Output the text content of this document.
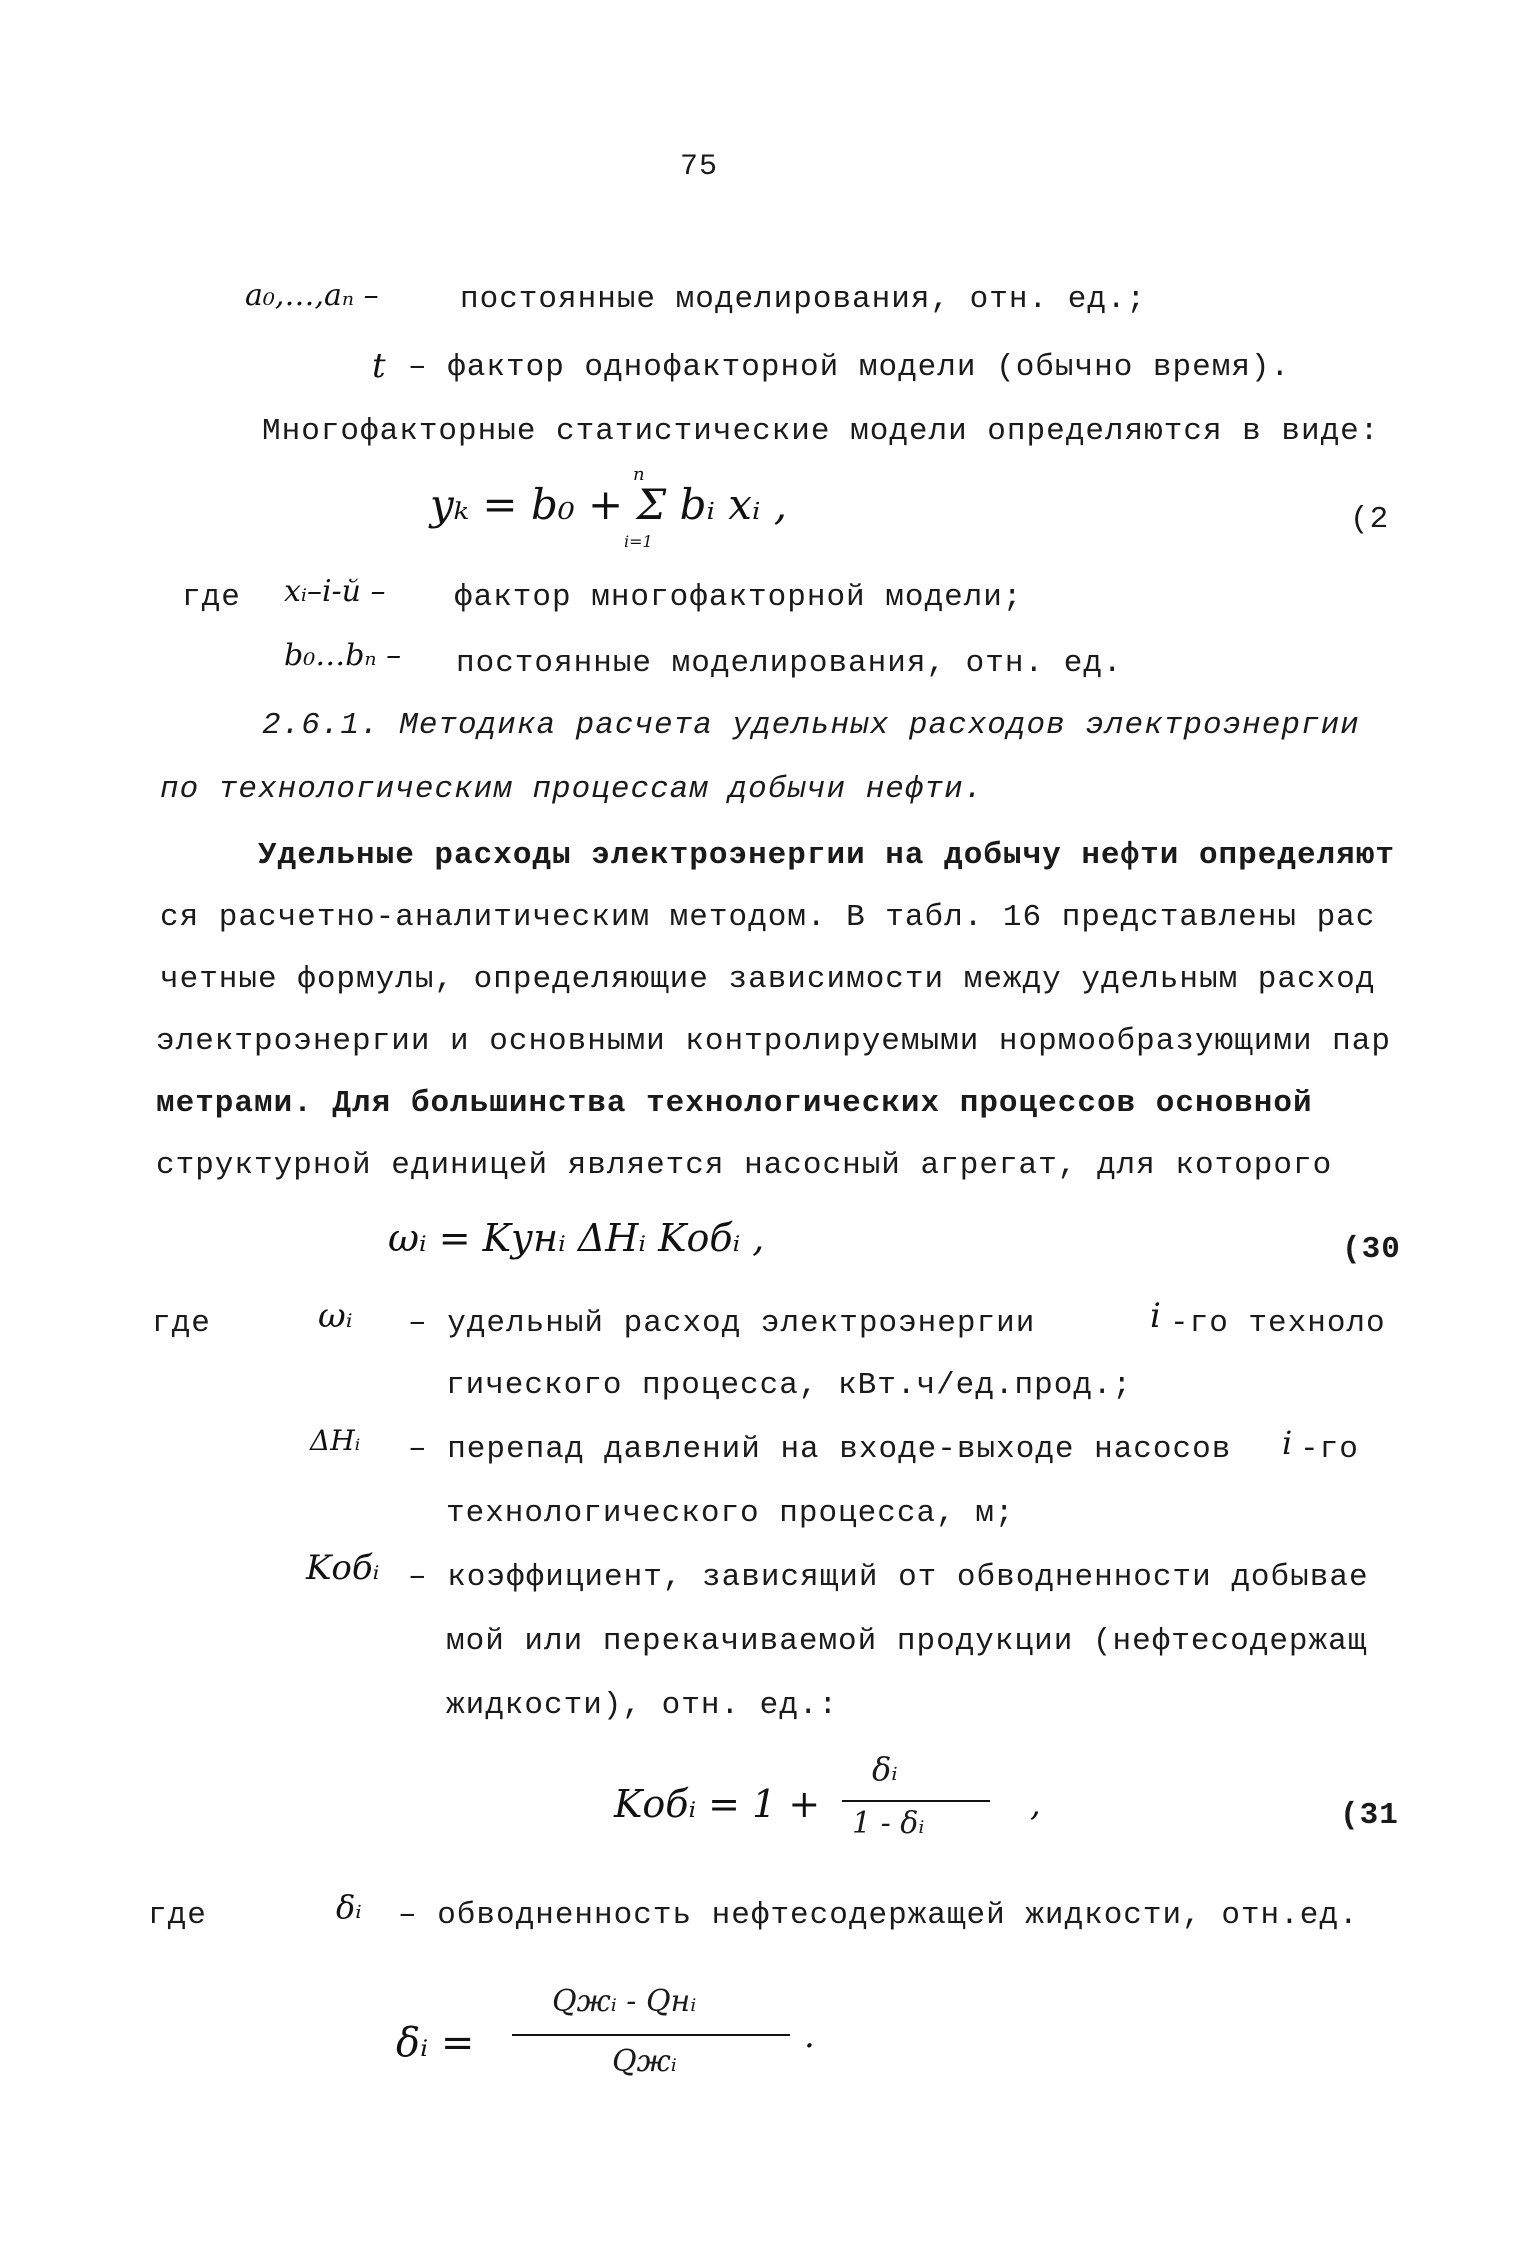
75
a₀,…,aₙ –	постоянные моделирования, отн. ед.;
t – фактор однофакторной модели (обычно время).
Многофакторные статистические модели определяются в виде:
yₖ = b₀ + Σ bᵢ xᵢ ,
n
i=1
(2
где xᵢ–i-й – фактор многофакторной модели;
b₀…bₙ – постоянные моделирования, отн. ед.
2.6.1. Методика расчета удельных расходов электроэнергии
по технологическим процессам добычи нефти.
Удельные расходы электроэнергии на добычу нефти определяют
ся расчетно-аналитическим методом. В табл. 16 представлены рас
четные формулы, определяющие зависимости между удельным расход
электроэнергии и основными контролируемыми нормообразующими пар
метрами. Для большинства технологических процессов основной
структурной единицей является насосный агрегат, для которого
ωᵢ = Kунᵢ ΔHᵢ Kобᵢ ,	(30
где	ωᵢ – удельный расход электроэнергии	i -го техноло
гического процесса, кВт.ч/ед.прод.;
ΔHᵢ – перепад давлений на входе-выходе насосов i -го
технологического процесса, м;
Kобᵢ – коэффициент, зависящий от обводненности добывае
мой или перекачиваемой продукции (нефтесодержащ
жидкости), отн. ед.:
Kобᵢ = 1 +
δᵢ
1 - δᵢ	,	(31
где	δᵢ – обводненность нефтесодержащей жидкости, отн.ед.
δᵢ =
Qжᵢ - Qнᵢ
Qжᵢ
.
